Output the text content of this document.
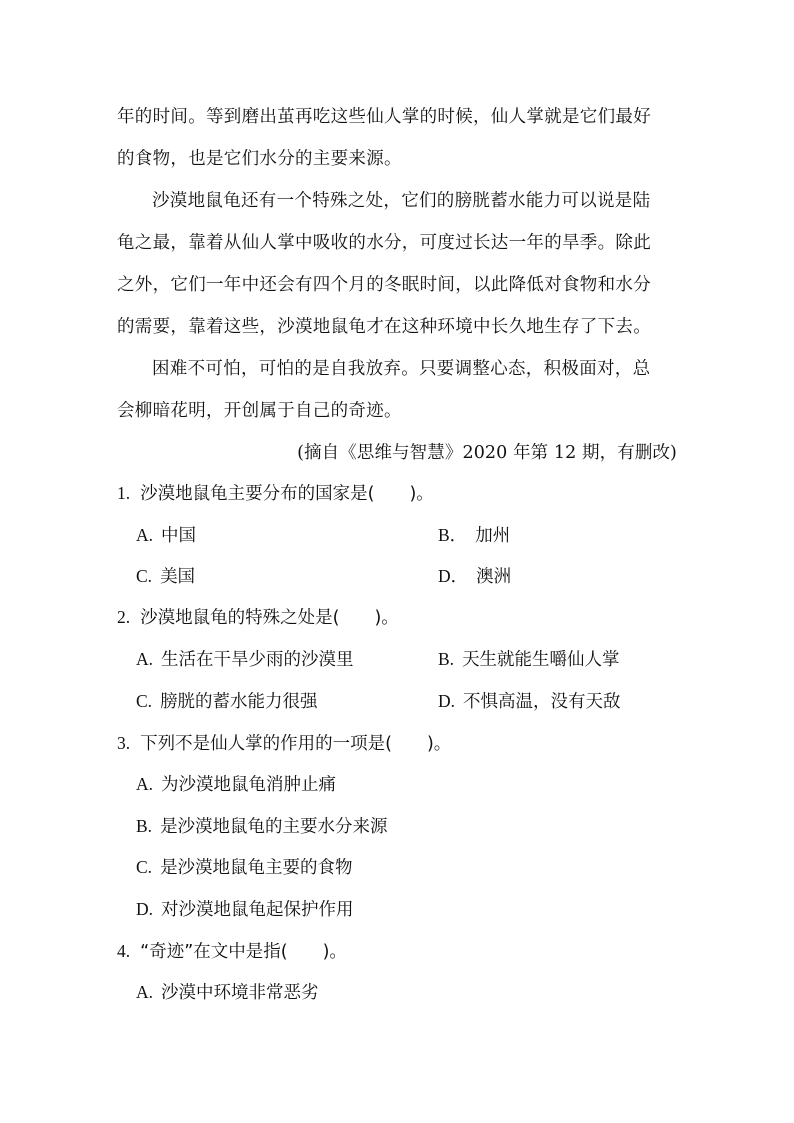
年的时间。等到磨出茧再吃这些仙人掌的时候，仙人掌就是它们最好
的食物，也是它们水分的主要来源。
沙漠地鼠龟还有一个特殊之处，它们的膀胱蓄水能力可以说是陆
龟之最，靠着从仙人掌中吸收的水分，可度过长达一年的旱季。除此
之外，它们一年中还会有四个月的冬眠时间，以此降低对食物和水分
的需要，靠着这些，沙漠地鼠龟才在这种环境中长久地生存了下去。
困难不可怕，可怕的是自我放弃。只要调整心态，积极面对，总
会柳暗花明，开创属于自己的奇迹。
(摘自《思维与智慧》2020 年第 12 期，有删改)
1. 沙漠地鼠龟主要分布的国家是(　　)。
A. 中国	B． 加州
C. 美国	D． 澳洲
2. 沙漠地鼠龟的特殊之处是(　　)。
A. 生活在干旱少雨的沙漠里	B. 天生就能生嚼仙人掌
C. 膀胱的蓄水能力很强	D. 不惧高温，没有天敌
3. 下列不是仙人掌的作用的一项是(　　)。
A. 为沙漠地鼠龟消肿止痛
B. 是沙漠地鼠龟的主要水分来源
C. 是沙漠地鼠龟主要的食物
D. 对沙漠地鼠龟起保护作用
4. “奇迹”在文中是指(　　)。
A. 沙漠中环境非常恶劣
